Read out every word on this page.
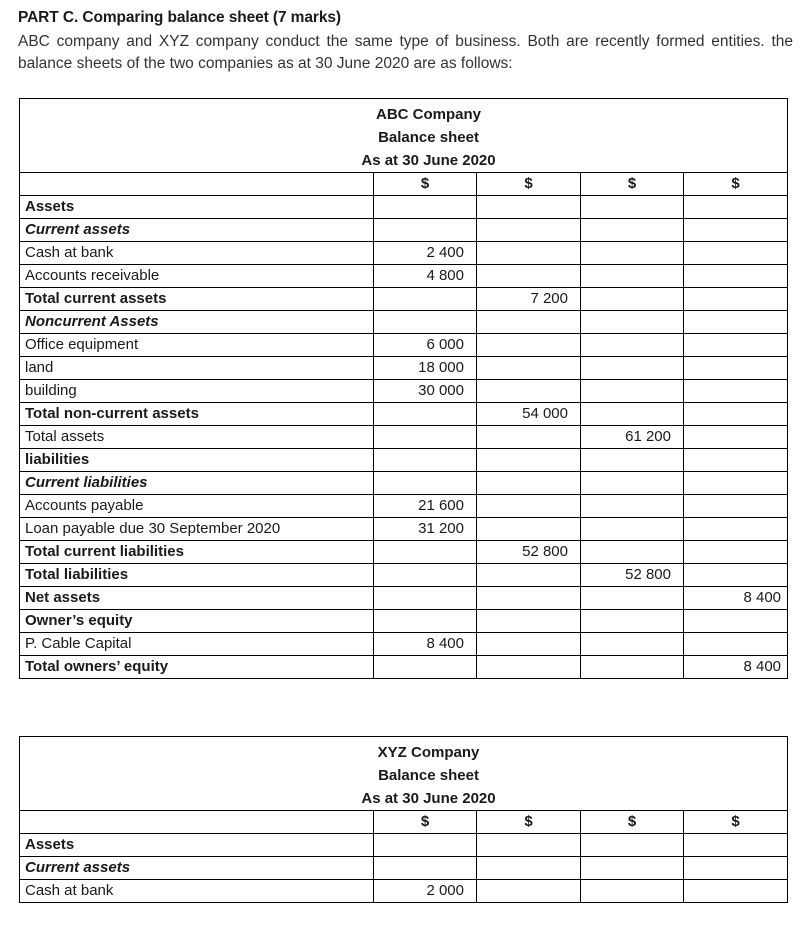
PART C. Comparing balance sheet (7 marks)
ABC company and XYZ company conduct the same type of business. Both are recently formed entities. the balance sheets of the two companies as at 30 June 2020 are as follows:
ABC Company
Balance sheet
As at 30 June 2020				

	$	$	$	$
Assets				
Current assets				
Cash at bank	2 400			
Accounts receivable	4 800			
Total current assets		7 200		
Noncurrent Assets				
Office equipment	6 000			
land	18 000			
building	30 000			
Total non-current assets		54 000		
Total assets			61 200	
liabilities				
Current liabilities				
Accounts payable	21 600			
Loan payable due 30 September 2020	31 200			
Total current liabilities		52 800		
Total liabilities			52 800	
Net assets				8 400
Owner’s equity				
P. Cable Capital	8 400			
Total owners’ equity				8 400
XYZ Company
Balance sheet
As at 30 June 2020				

	$	$	$	$
Assets				
Current assets				
Cash at bank	2 000			
